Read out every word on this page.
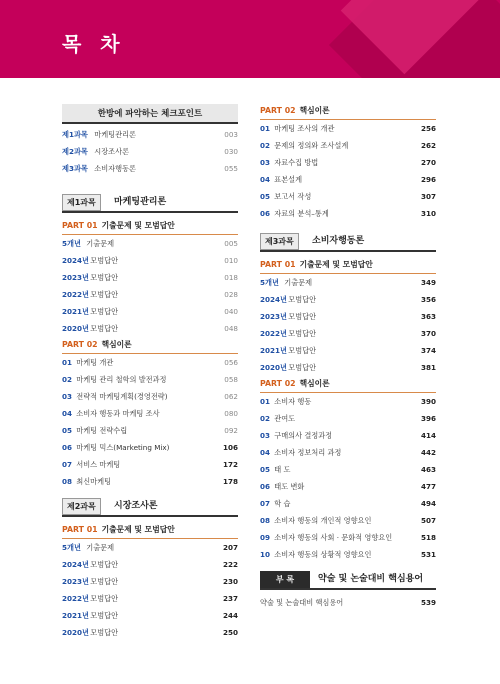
목 차
한방에 파악하는 체크포인트
제1과목 마케팅관리론	003
제2과목 시장조사론	030
제3과목 소비자행동론	055
제1과목	마케팅관리론
PART 01 기출문제 및 모범답안
5개년 기출문제	005
2024년 모범답안	010
2023년 모범답안	018
2022년 모범답안	028
2021년 모범답안	040
2020년 모범답안	048
PART 02 핵심이론
01 마케팅 개관	056
02 마케팅 관리 철학의 발전과정	058
03 전략적 마케팅계획(경영전략)	062
04 소비자 행동과 마케팅 조사	080
05 마케팅 전략수립	092
06 마케팅 믹스(Marketing Mix)	106
07 서비스 마케팅	172
08 최신마케팅	178
제2과목	시장조사론
PART 01 기출문제 및 모범답안
5개년 기출문제	207
2024년 모범답안	222
2023년 모범답안	230
2022년 모범답안	237
2021년 모범답안	244
2020년 모범답안	250
PART 02 핵심이론
01 마케팅 조사의 개관	256
02 문제의 정의와 조사설계	262
03 자료수집 방법	270
04 표본설계	296
05 보고서 작성	307
06 자료의 분석–통계	310
제3과목	소비자행동론
PART 01 기출문제 및 모범답안
5개년 기출문제	349
2024년 모범답안	356
2023년 모범답안	363
2022년 모범답안	370
2021년 모범답안	374
2020년 모범답안	381
PART 02 핵심이론
01 소비자 행동	390
02 관여도	396
03 구매의사 결정과정	414
04 소비자 정보처리 과정	442
05 태 도	463
06 태도 변화	477
07 학 습	494
08 소비자 행동의 개인적 영향요인	507
09 소비자 행동의 사회 · 문화적 영향요인	518
10 소비자 행동의 상황적 영향요인	531
부 록	약술 및 논술대비 핵심용어
약술 및 논술대비 핵심용어	539
